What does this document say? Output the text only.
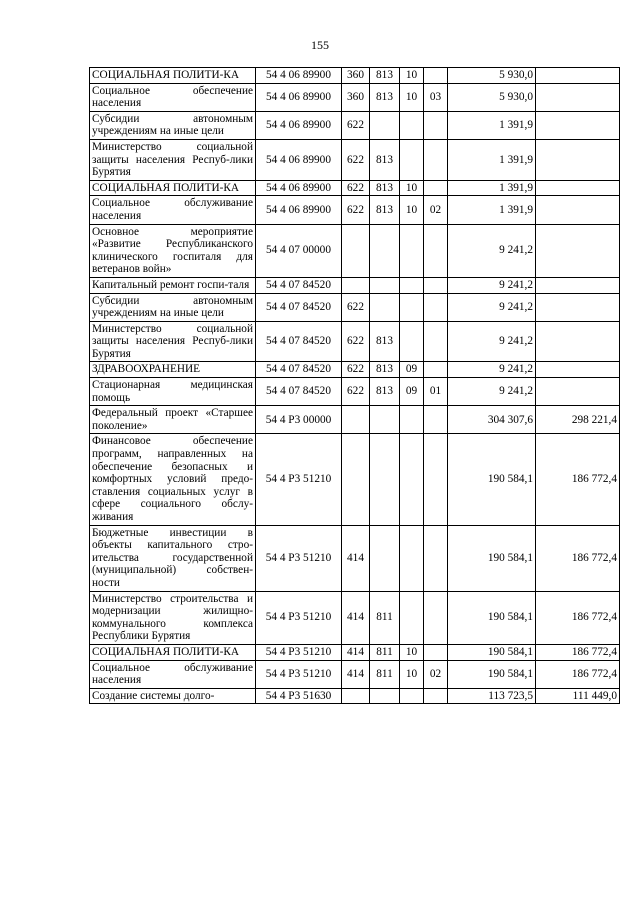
155
СОЦИАЛЬНАЯ ПОЛИТИ-КА	54 4 06 89900	360	813	10		5 930,0	
Социальное обеспечение населения	54 4 06 89900	360	813	10	03	5 930,0	
Субсидии автономным учреждениям на иные цели	54 4 06 89900	622				1 391,9	
Министерство социальной защиты населения Респуб-лики Бурятия	54 4 06 89900	622	813			1 391,9	
СОЦИАЛЬНАЯ ПОЛИТИ-КА	54 4 06 89900	622	813	10		1 391,9	
Социальное обслуживание населения	54 4 06 89900	622	813	10	02	1 391,9	
Основное мероприятие «Развитие Республиканского клинического госпиталя для ветеранов войн»	54 4 07 00000					9 241,2	
Капитальный ремонт госпи-таля	54 4 07 84520					9 241,2	
Субсидии автономным учреждениям на иные цели	54 4 07 84520	622				9 241,2	
Министерство социальной защиты населения Респуб-лики Бурятия	54 4 07 84520	622	813			9 241,2	
ЗДРАВООХРАНЕНИЕ	54 4 07 84520	622	813	09		9 241,2	
Стационарная медицинская помощь	54 4 07 84520	622	813	09	01	9 241,2	
Федеральный проект «Старшее поколение»	54 4 P3 00000					304 307,6	298 221,4
Финансовое обеспечение программ, направленных на обеспечение безопасных и комфортных условий предо-ставления социальных услуг в сфере социального обслу-живания	54 4 P3 51210					190 584,1	186 772,4
Бюджетные инвестиции в объекты капитального стро-ительства государственной (муниципальной) собствен-ности	54 4 P3 51210	414				190 584,1	186 772,4
Министерство строительства и модернизации жилищно-коммунального комплекса Республики Бурятия	54 4 P3 51210	414	811			190 584,1	186 772,4
СОЦИАЛЬНАЯ ПОЛИТИ-КА	54 4 P3 51210	414	811	10		190 584,1	186 772,4
Социальное обслуживание населения	54 4 P3 51210	414	811	10	02	190 584,1	186 772,4
Создание системы долго-	54 4 P3 51630					113 723,5	111 449,0
